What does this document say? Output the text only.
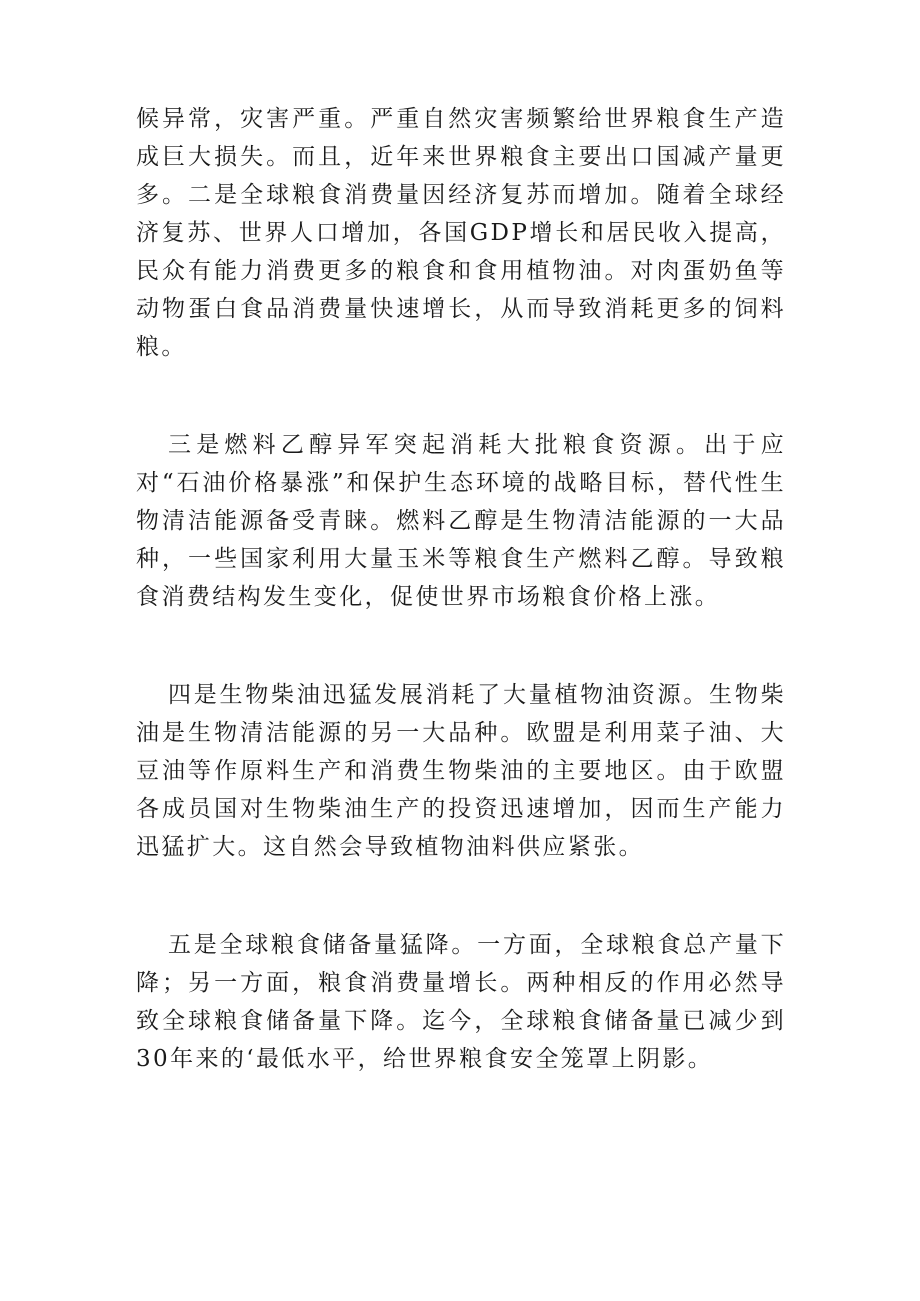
候异常，灾害严重。严重自然灾害频繁给世界粮食生产造成巨大损失。而且，近年来世界粮食主要出口国减产量更多。二是全球粮食消费量因经济复苏而增加。随着全球经济复苏、世界人口增加，各国GDP增长和居民收入提高，民众有能力消费更多的粮食和食用植物油。对肉蛋奶鱼等动物蛋白食品消费量快速增长，从而导致消耗更多的饲料粮。

三是燃料乙醇异军突起消耗大批粮食资源。出于应对“石油价格暴涨”和保护生态环境的战略目标，替代性生物清洁能源备受青睐。燃料乙醇是生物清洁能源的一大品种，一些国家利用大量玉米等粮食生产燃料乙醇。导致粮食消费结构发生变化，促使世界市场粮食价格上涨。

四是生物柴油迅猛发展消耗了大量植物油资源。生物柴油是生物清洁能源的另一大品种。欧盟是利用菜子油、大豆油等作原料生产和消费生物柴油的主要地区。由于欧盟各成员国对生物柴油生产的投资迅速增加，因而生产能力迅猛扩大。这自然会导致植物油料供应紧张。

五是全球粮食储备量猛降。一方面，全球粮食总产量下降；另一方面，粮食消费量增长。两种相反的作用必然导致全球粮食储备量下降。迄今，全球粮食储备量已减少到30年来的‘最低水平，给世界粮食安全笼罩上阴影。
